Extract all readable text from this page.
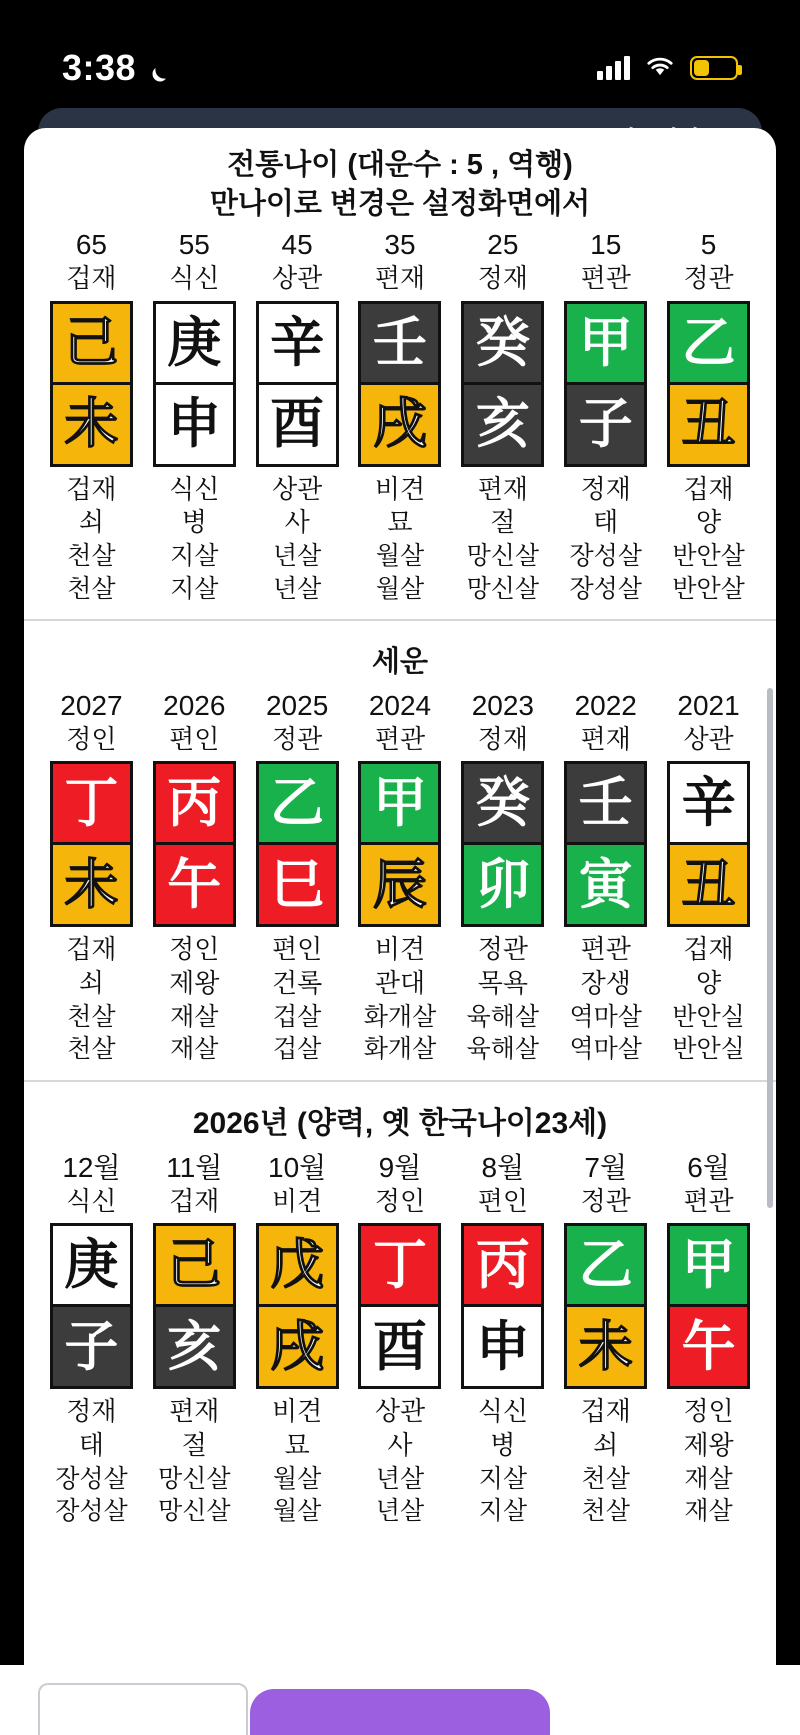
3:38
전통나이 (대운수 : 5 , 역행)
만나이로 변경은 설정화면에서
65
겁재
己
未
겁재
쇠
천살
천살
55
식신
庚
申
식신
병
지살
지살
45
상관
辛
酉
상관
사
년살
년살
35
편재
壬
戌
비견
묘
월살
월살
25
정재
癸
亥
편재
절
망신살
망신살
15
편관
甲
子
정재
태
장성살
장성살
5
정관
乙
丑
겁재
양
반안살
반안살
세운
2027
정인
丁
未
겁재
쇠
천살
천살
2026
편인
丙
午
정인
제왕
재살
재살
2025
정관
乙
巳
편인
건록
겁살
겁살
2024
편관
甲
辰
비견
관대
화개살
화개살
2023
정재
癸
卯
정관
목욕
육해살
육해살
2022
편재
壬
寅
편관
장생
역마살
역마살
2021
상관
辛
丑
겁재
양
반안실
반안실
2026년 (양력, 옛 한국나이23세)
12월
식신
庚
子
정재
태
장성살
장성살
11월
겁재
己
亥
편재
절
망신살
망신살
10월
비견
戊
戌
비견
묘
월살
월살
9월
정인
丁
酉
상관
사
년살
년살
8월
편인
丙
申
식신
병
지살
지살
7월
정관
乙
未
겁재
쇠
천살
천살
6월
편관
甲
午
정인
제왕
재살
재살
